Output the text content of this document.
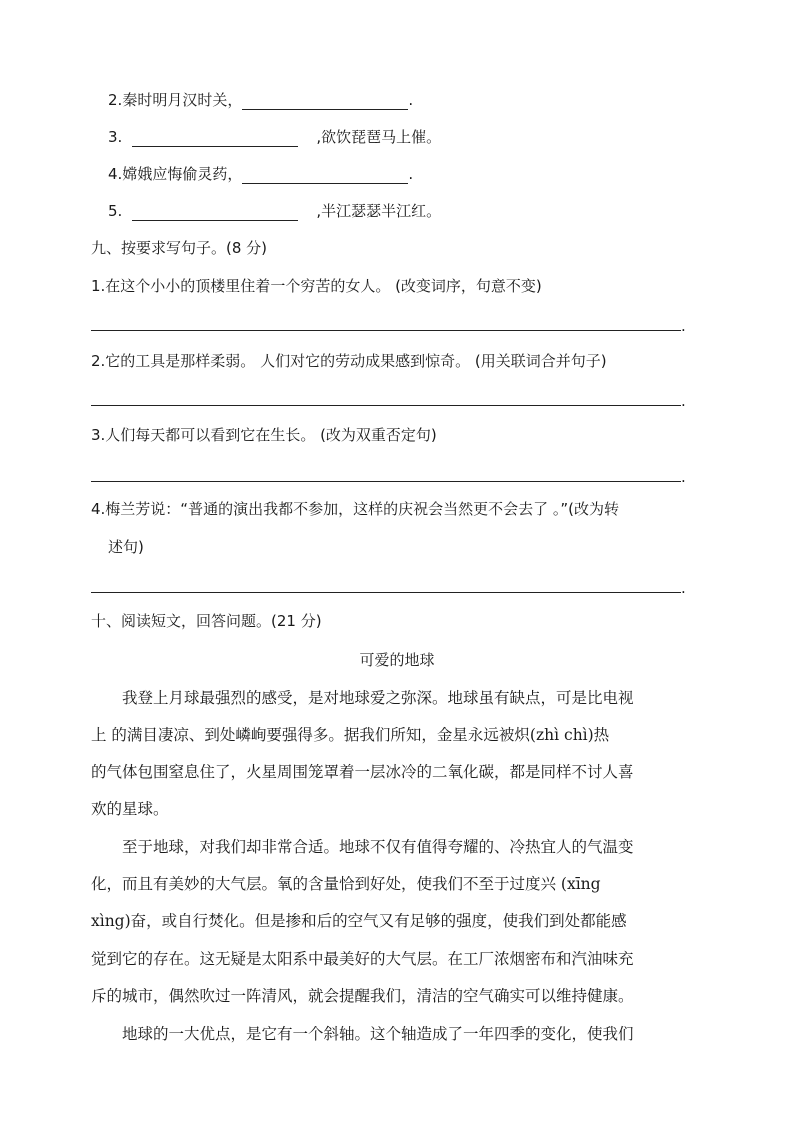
2.秦时明月汉时关，	.
3.	,欲饮琵琶马上催。
4.嫦娥应悔偷灵药，	.
5.	,半江瑟瑟半江红。
九、按要求写句子。(8 分)
1.在这个小小的顶楼里住着一个穷苦的女人。 (改变词序，句意不变)
.
2.它的工具是那样柔弱。 人们对它的劳动成果感到惊奇。 (用关联词合并句子)
.
3.人们每天都可以看到它在生长。 (改为双重否定句)
.
4.梅兰芳说：“普通的演出我都不参加，这样的庆祝会当然更不会去了 。”(改为转
述句)
.
十、阅读短文，回答问题。(21 分)
可爱的地球
　　我登上月球最强烈的感受，是对地球爱之弥深。地球虽有缺点，可是比电视
上 的满目凄凉、到处嶙峋要强得多。据我们所知，金星永远被炽(zhì chì)热
的气体包围窒息住了，火星周围笼罩着一层冰冷的二氧化碳，都是同样不讨人喜
欢的星球。
　　至于地球，对我们却非常合适。地球不仅有值得夸耀的、冷热宜人的气温变
化，而且有美妙的大气层。氧的含量恰到好处，使我们不至于过度兴 (xīng
xìng)奋，或自行焚化。但是掺和后的空气又有足够的强度，使我们到处都能感
觉到它的存在。这无疑是太阳系中最美好的大气层。在工厂浓烟密布和汽油味充
斥的城市，偶然吹过一阵清风，就会提醒我们，清洁的空气确实可以维持健康。
　　地球的一大优点，是它有一个斜轴。这个轴造成了一年四季的变化，使我们
